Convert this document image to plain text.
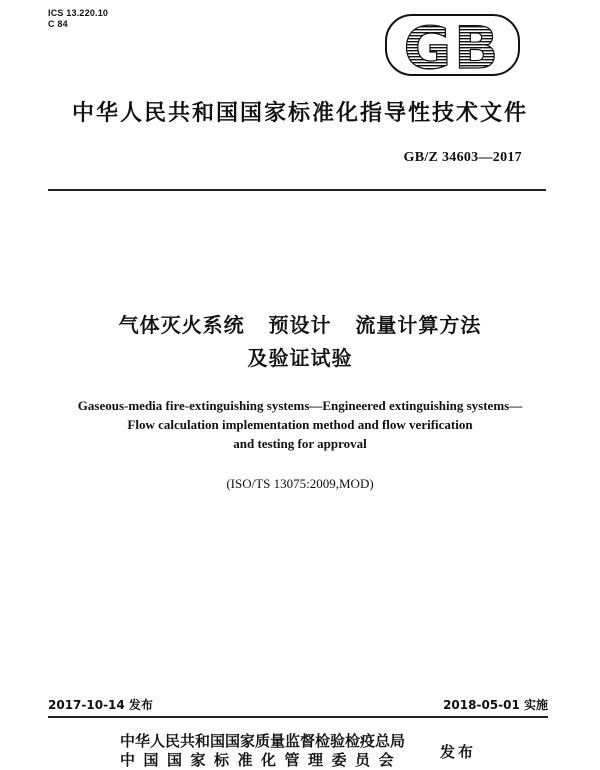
ICS 13.220.10
C 84	GB
中华人民共和国国家标准化指导性技术文件
GB/Z 34603—2017
气体灭火系统   预设计   流量计算方法
及验证试验
Gaseous-media fire-extinguishing systems—Engineered extinguishing systems—
Flow calculation implementation method and flow verification
and testing for approval
(ISO/TS 13075:2009,MOD)
2017-10-14 发布	2018-05-01 实施
中华人民共和国国家质量监督检验检疫总局
中国国家标准化管理委员会	发布
